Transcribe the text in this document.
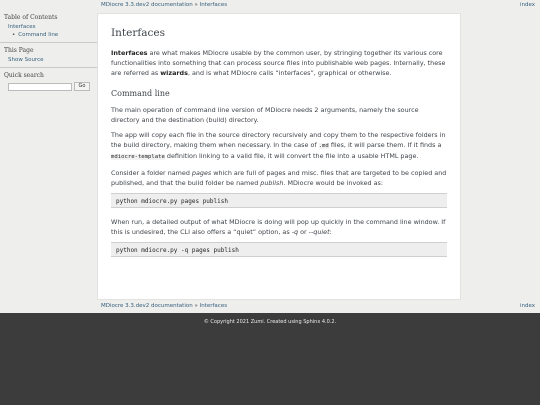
MDiocre 3.3.dev2 documentation » Interfaces	index
Table of Contents
Interfaces
• Command line
This Page
Show Source
Quick search
Go
Interfaces

Interfaces are what makes MDiocre usable by the common user, by stringing together its various core functionalities into something that can process source files into publishable web pages. Internally, these are referred as wizards, and is what MDiocre calls “interfaces”, graphical or otherwise.

Command line

The main operation of command line version of MDiocre needs 2 arguments, namely the source directory and the destination (build) directory.

The app will copy each file in the source directory recursively and copy them to the respective folders in the build directory, making them when necessary. In the case of .md files, it will parse them. If it finds a mdiocre-template definition linking to a valid file, it will convert the file into a usable HTML page.

Consider a folder named pages which are full of pages and misc. files that are targeted to be copied and published, and that the build folder be named publish. MDiocre would be invoked as:

python mdiocre.py pages publish

When run, a detailed output of what MDiocre is doing will pop up quickly in the command line window. If this is undesired, the CLI also offers a “quiet” option, as -q or --quiet:

python mdiocre.py -q pages publish
MDiocre 3.3.dev2 documentation » Interfaces	index
© Copyright 2021 Zumi. Created using Sphinx 4.0.2.
